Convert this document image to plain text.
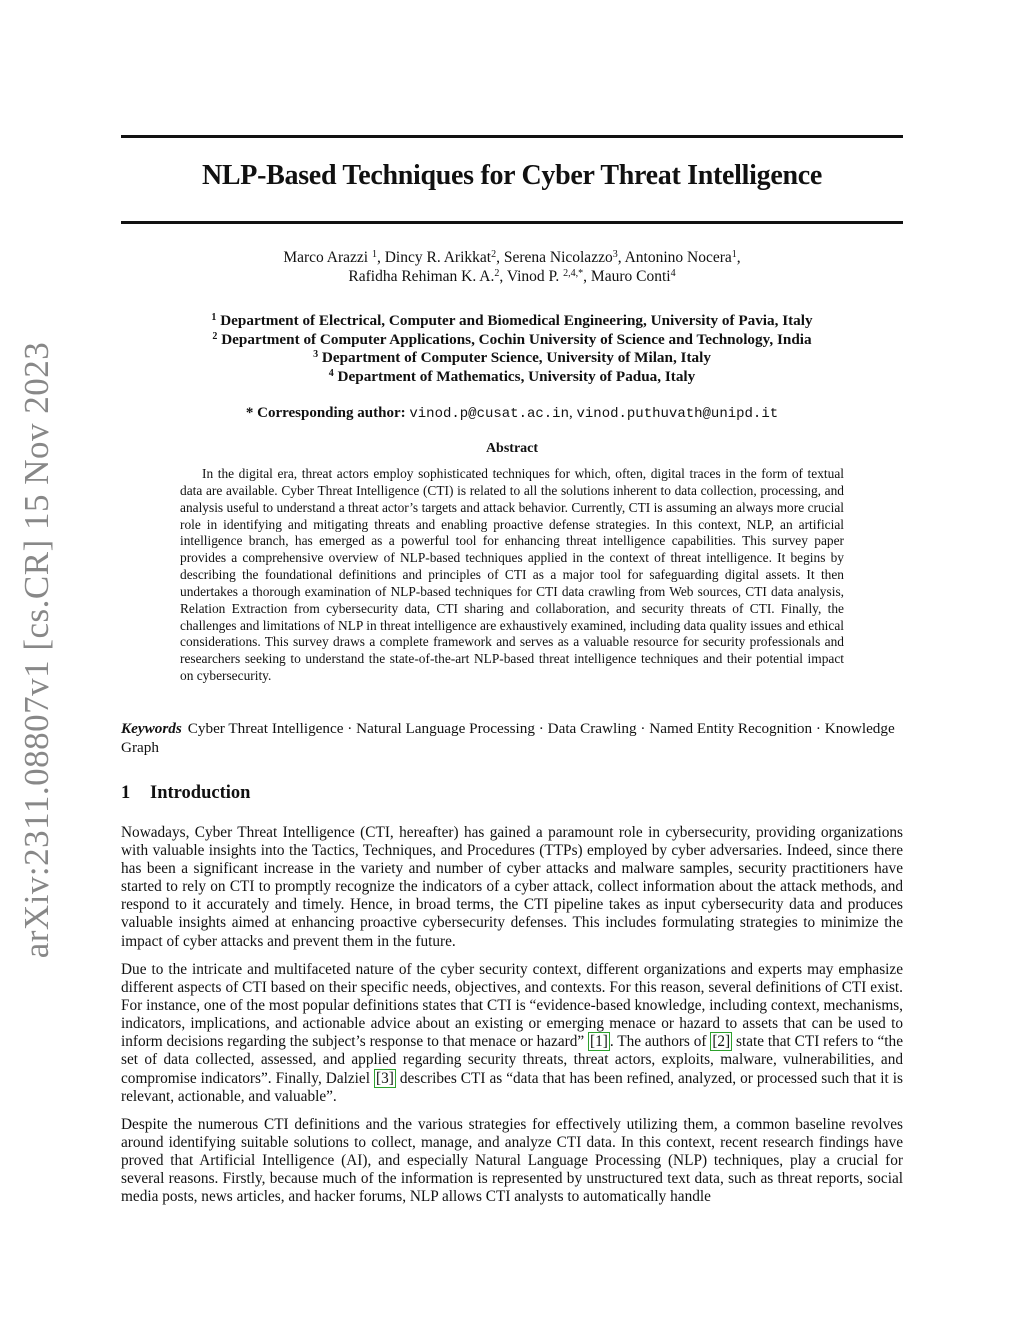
arXiv:2311.08807v1 [cs.CR] 15 Nov 2023
NLP-Based Techniques for Cyber Threat Intelligence
Marco Arazzi $^1$, Dincy R. Arikkat$^2$, Serena Nicolazzo$^3$, Antonino Nocera$^1$,
Rafidha Rehiman K. A.$^2$, Vinod P. $^{2,4,*}$, Mauro Conti$^4$
$^1$ Department of Electrical, Computer and Biomedical Engineering, University of Pavia, Italy
$^2$ Department of Computer Applications, Cochin University of Science and Technology, India
$^3$ Department of Computer Science, University of Milan, Italy
$^4$ Department of Mathematics, University of Padua, Italy
* Corresponding author: vinod.p@cusat.ac.in, vinod.puthuvath@unipd.it
Abstract
In the digital era, threat actors employ sophisticated techniques for which, often, digital traces in the form of textual data are available. Cyber Threat Intelligence (CTI) is related to all the solutions inherent to data collection, processing, and analysis useful to understand a threat actor’s targets and attack behavior. Currently, CTI is assuming an always more crucial role in identifying and mitigating threats and enabling proactive defense strategies. In this context, NLP, an artificial intelligence branch, has emerged as a powerful tool for enhancing threat intelligence capabilities. This survey paper provides a comprehensive overview of NLP-based techniques applied in the context of threat intelligence. It begins by describing the foundational definitions and principles of CTI as a major tool for safeguarding digital assets. It then undertakes a thorough examination of NLP-based techniques for CTI data crawling from Web sources, CTI data analysis, Relation Extraction from cybersecurity data, CTI sharing and collaboration, and security threats of CTI. Finally, the challenges and limitations of NLP in threat intelligence are exhaustively examined, including data quality issues and ethical considerations. This survey draws a complete framework and serves as a valuable resource for security professionals and researchers seeking to understand the state-of-the-art NLP-based threat intelligence techniques and their potential impact on cybersecurity.
Keywords Cyber Threat Intelligence · Natural Language Processing · Data Crawling · Named Entity Recognition · Knowledge Graph
1 Introduction
Nowadays, Cyber Threat Intelligence (CTI, hereafter) has gained a paramount role in cybersecurity, providing organizations with valuable insights into the Tactics, Techniques, and Procedures (TTPs) employed by cyber adversaries. Indeed, since there has been a significant increase in the variety and number of cyber attacks and malware samples, security practitioners have started to rely on CTI to promptly recognize the indicators of a cyber attack, collect information about the attack methods, and respond to it accurately and timely. Hence, in broad terms, the CTI pipeline takes as input cybersecurity data and produces valuable insights aimed at enhancing proactive cybersecurity defenses. This includes formulating strategies to minimize the impact of cyber attacks and prevent them in the future.
Due to the intricate and multifaceted nature of the cyber security context, different organizations and experts may emphasize different aspects of CTI based on their specific needs, objectives, and contexts. For this reason, several definitions of CTI exist. For instance, one of the most popular definitions states that CTI is “evidence-based knowledge, including context, mechanisms, indicators, implications, and actionable advice about an existing or emerging menace or hazard to assets that can be used to inform decisions regarding the subject’s response to that menace or hazard” [1] . The authors of [2] state that CTI refers to “the set of data collected, assessed, and applied regarding security threats, threat actors, exploits, malware, vulnerabilities, and compromise indicators”. Finally, Dalziel [3] describes CTI as “data that has been refined, analyzed, or processed such that it is relevant, actionable, and valuable”.
Despite the numerous CTI definitions and the various strategies for effectively utilizing them, a common baseline revolves around identifying suitable solutions to collect, manage, and analyze CTI data. In this context, recent research findings have proved that Artificial Intelligence (AI), and especially Natural Language Processing (NLP) techniques, play a crucial for several reasons. Firstly, because much of the information is represented by unstructured text data, such as threat reports, social media posts, news articles, and hacker forums, NLP allows CTI analysts to automatically handle
